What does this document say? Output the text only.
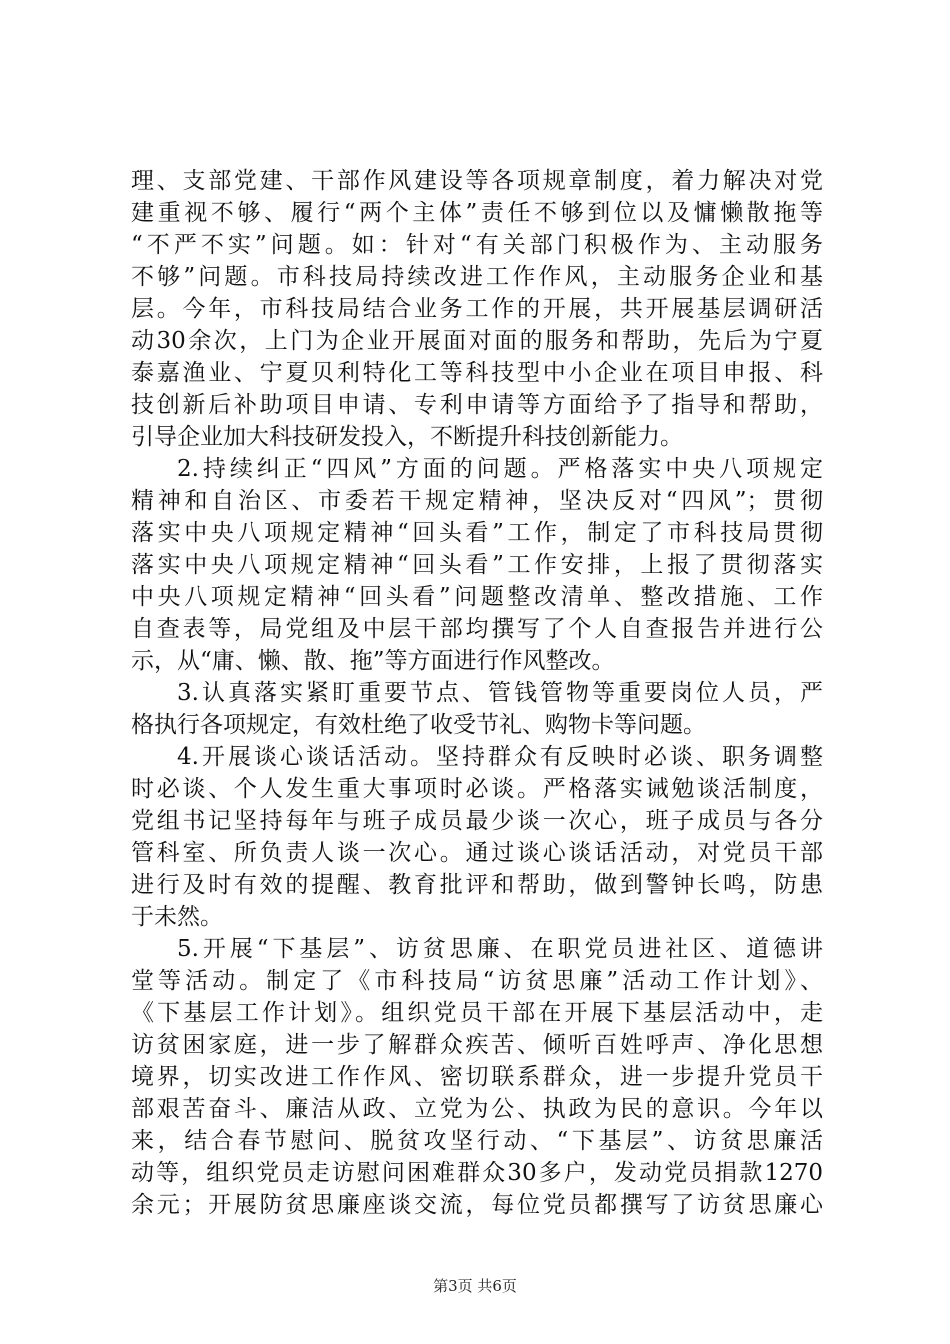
理、支部党建、干部作风建设等各项规章制度，着力解决对党
建重视不够、履行“两个主体”责任不够到位以及慵懒散拖等
“不严不实”问题。如：针对“有关部门积极作为、主动服务
不够”问题。市科技局持续改进工作作风，主动服务企业和基
层。今年，市科技局结合业务工作的开展，共开展基层调研活
动30余次，上门为企业开展面对面的服务和帮助，先后为宁夏
泰嘉渔业、宁夏贝利特化工等科技型中小企业在项目申报、科
技创新后补助项目申请、专利申请等方面给予了指导和帮助，
引导企业加大科技研发投入，不断提升科技创新能力。
2.持续纠正“四风”方面的问题。严格落实中央八项规定
精神和自治区、市委若干规定精神，坚决反对“四风”；贯彻
落实中央八项规定精神“回头看”工作，制定了市科技局贯彻
落实中央八项规定精神“回头看”工作安排，上报了贯彻落实
中央八项规定精神“回头看”问题整改清单、整改措施、工作
自查表等，局党组及中层干部均撰写了个人自查报告并进行公
示，从“庸、懒、散、拖”等方面进行作风整改。
3.认真落实紧盯重要节点、管钱管物等重要岗位人员，严
格执行各项规定，有效杜绝了收受节礼、购物卡等问题。
4.开展谈心谈话活动。坚持群众有反映时必谈、职务调整
时必谈、个人发生重大事项时必谈。严格落实诫勉谈活制度，
党组书记坚持每年与班子成员最少谈一次心，班子成员与各分
管科室、所负责人谈一次心。通过谈心谈话活动，对党员干部
进行及时有效的提醒、教育批评和帮助，做到警钟长鸣，防患
于未然。
5.开展“下基层”、访贫思廉、在职党员进社区、道德讲
堂等活动。制定了《市科技局“访贫思廉”活动工作计划》、
《下基层工作计划》。组织党员干部在开展下基层活动中，走
访贫困家庭，进一步了解群众疾苦、倾听百姓呼声、净化思想
境界，切实改进工作作风、密切联系群众，进一步提升党员干
部艰苦奋斗、廉洁从政、立党为公、执政为民的意识。今年以
来，结合春节慰问、脱贫攻坚行动、“下基层”、访贫思廉活
动等，组织党员走访慰问困难群众30多户，发动党员捐款1270
余元；开展防贫思廉座谈交流，每位党员都撰写了访贫思廉心
第3页 共6页
